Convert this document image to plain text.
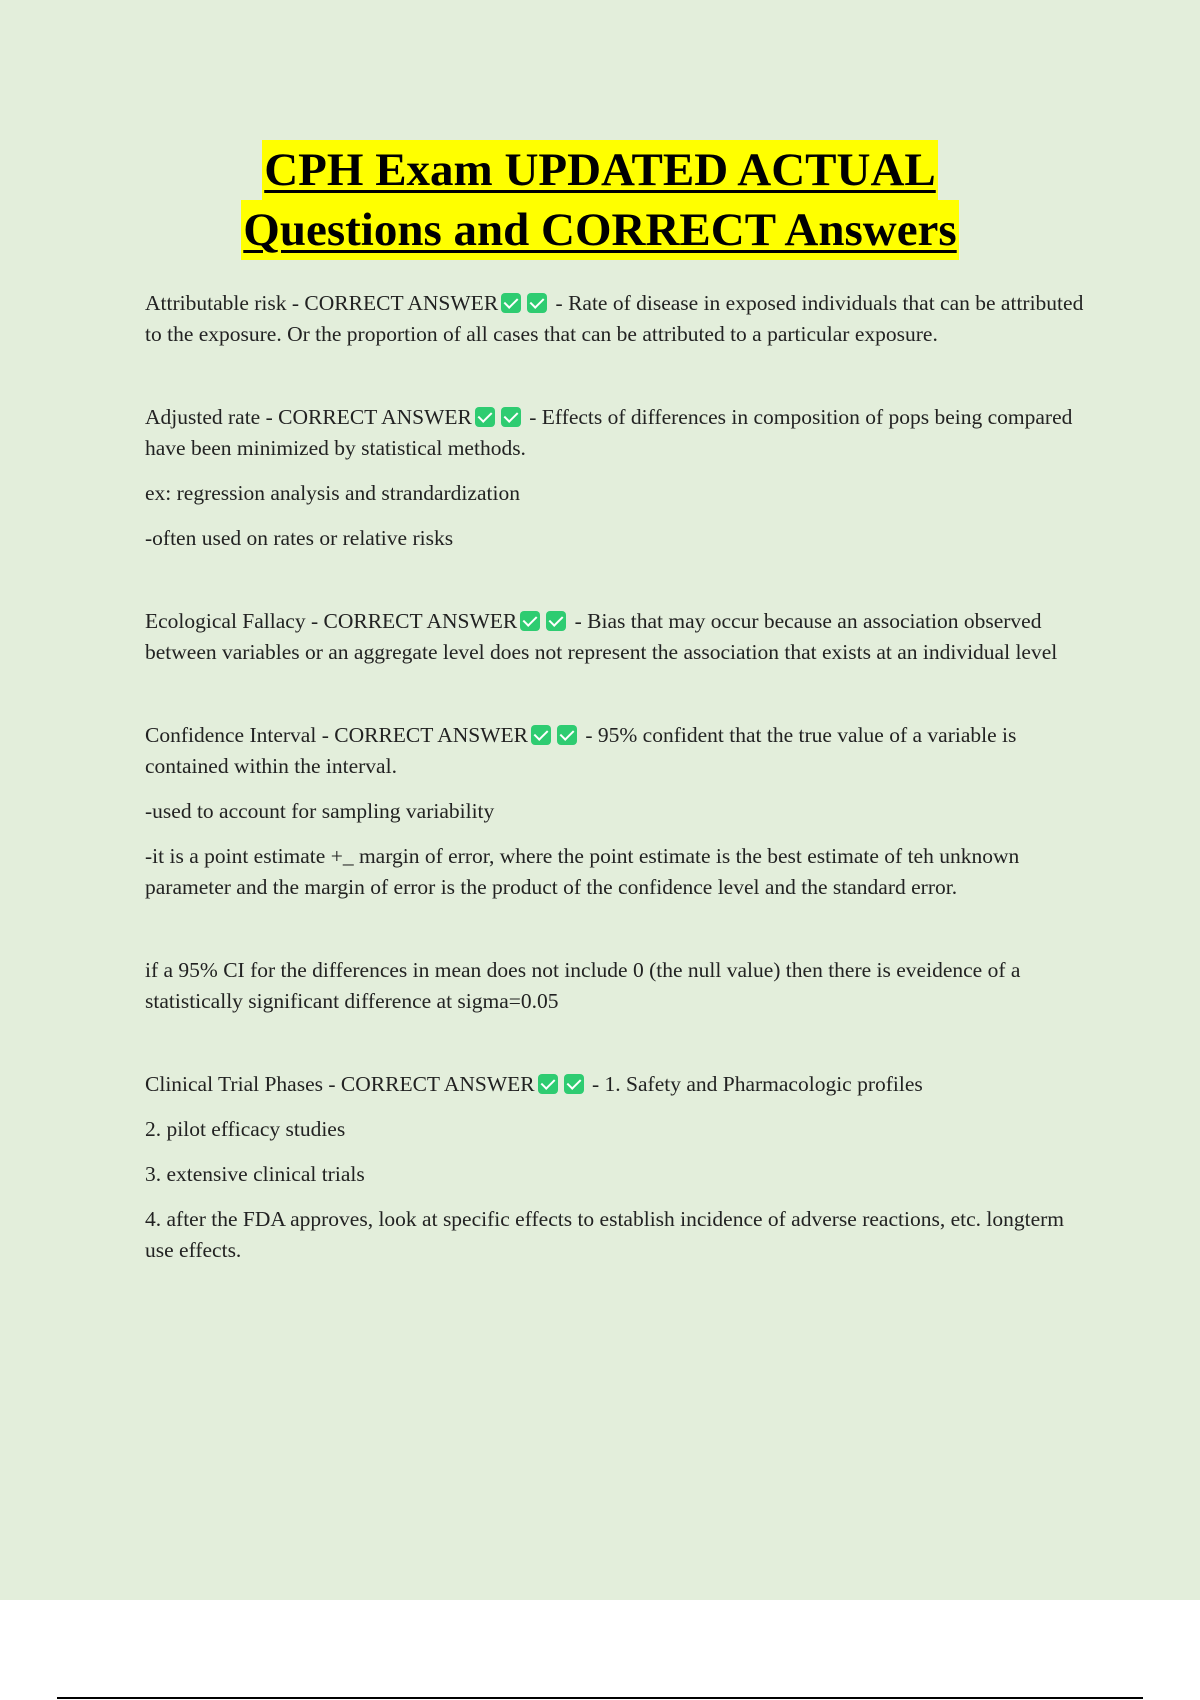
CPH Exam UPDATED ACTUAL
Questions and CORRECT Answers

Attributable risk - CORRECT ANSWER - Rate of disease in exposed individuals that can be attributed to the exposure. Or the proportion of all cases that can be attributed to a particular exposure.

Adjusted rate - CORRECT ANSWER - Effects of differences in composition of pops being compared have been minimized by statistical methods.

ex: regression analysis and strandardization

-often used on rates or relative risks

Ecological Fallacy - CORRECT ANSWER - Bias that may occur because an association observed between variables or an aggregate level does not represent the association that exists at an individual level

Confidence Interval - CORRECT ANSWER - 95% confident that the true value of a variable is contained within the interval.

-used to account for sampling variability

-it is a point estimate +_ margin of error, where the point estimate is the best estimate of teh unknown parameter and the margin of error is the product of the confidence level and the standard error.

if a 95% CI for the differences in mean does not include 0 (the null value) then there is eveidence of a statistically significant difference at sigma=0.05

Clinical Trial Phases - CORRECT ANSWER - 1. Safety and Pharmacologic profiles

2. pilot efficacy studies

3. extensive clinical trials

4. after the FDA approves, look at specific effects to establish incidence of adverse reactions, etc. longterm use effects.
